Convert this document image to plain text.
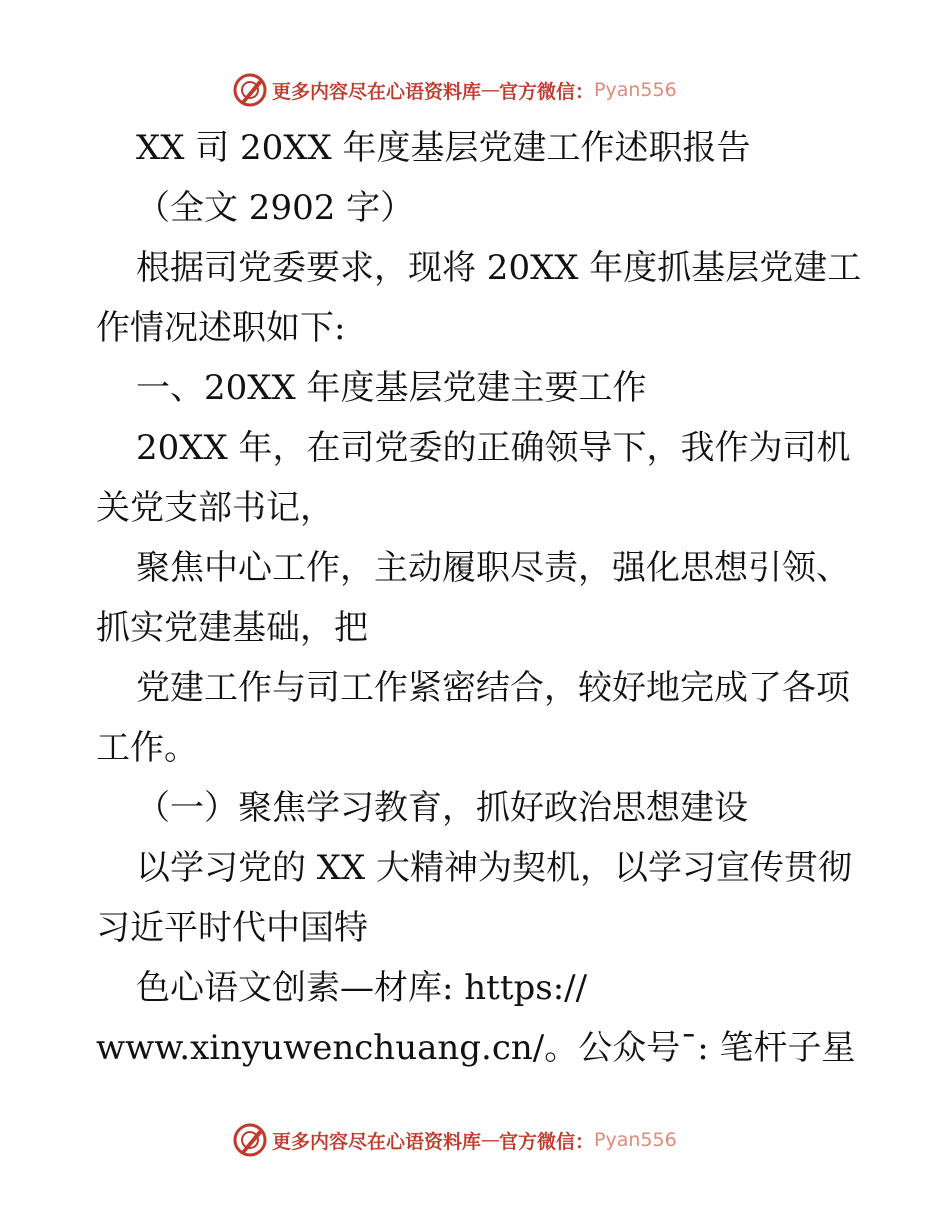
更多内容尽在心语资料库 — 官方微信： Pyan556
XX 司 20XX 年度基层党建工作述职报告
（全文 2902 字）
根据司党委要求，现将 20XX 年度抓基层党建工
作情况述职如下:
一、20XX 年度基层党建主要工作
20XX 年，在司党委的正确领导下，我作为司机
关党支部书记，
聚焦中心工作，主动履职尽责，强化思想引领、
抓实党建基础，把
党建工作与司工作紧密结合，较好地完成了各项
工作。
（一）聚焦学习教育，抓好政治思想建设
以学习党的 XX 大精神为契机，以学习宣传贯彻
习近平时代中国特
色心语文创素—材库: https://
www.xinyuwenchuang.cn/。公众号¯: 笔杆子星
更多内容尽在心语资料库 — 官方微信： Pyan556
